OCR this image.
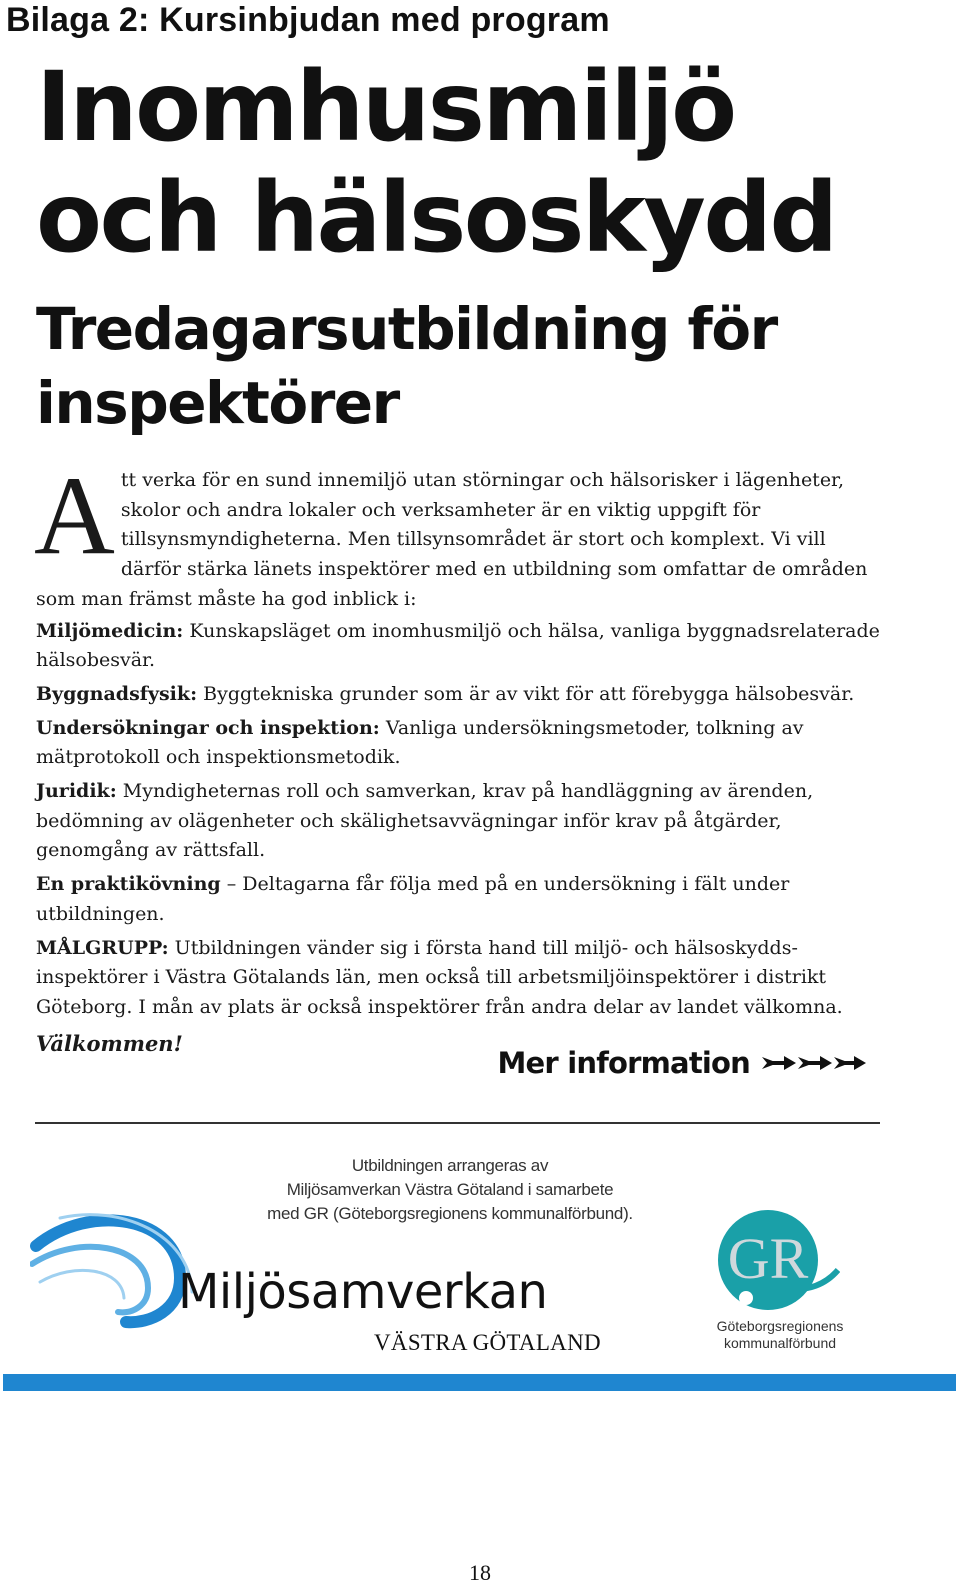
Bilaga 2: Kursinbjudan med program
Inomhusmiljö
och hälsoskydd
Tredagarsutbildning för
inspektörer

Att verka för en sund innemiljö utan störningar och hälsorisker i lägenheter, skolor och andra lokaler och verksamheter är en viktig uppgift för tillsynsmyndigheterna. Men tillsynsområdet är stort och komplext. Vi vill därför stärka länets inspektörer med en utbildning som omfattar de områden som man främst måste ha god inblick i:

Miljömedicin: Kunskapsläget om inomhusmiljö och hälsa, vanliga byggnadsrelaterade hälsobesvär.

Byggnadsfysik: Byggtekniska grunder som är av vikt för att förebygga hälsobesvär.

Undersökningar och inspektion: Vanliga undersökningsmetoder, tolkning av mätprotokoll och inspektionsmetodik.

Juridik: Myndigheternas roll och samverkan, krav på handläggning av ärenden, bedömning av olägenheter och skälighetsavvägningar inför krav på åtgärder, genomgång av rättsfall.

En praktikövning – Deltagarna får följa med på en undersökning i fält under utbildningen.

MÅLGRUPP: Utbildningen vänder sig i första hand till miljö- och hälsoskydds-inspektörer i Västra Götalands län, men också till arbetsmiljöinspektörer i distrikt Göteborg. I mån av plats är också inspektörer från andra delar av landet välkomna.

Välkommen!

Mer information
Utbildningen arrangeras av
Miljösamverkan Västra Götaland i samarbete
med GR (Göteborgsregionens kommunalförbund).
Miljösamverkan
VÄSTRA GÖTALAND
GR
Göteborgsregionens
kommunalförbund
18
